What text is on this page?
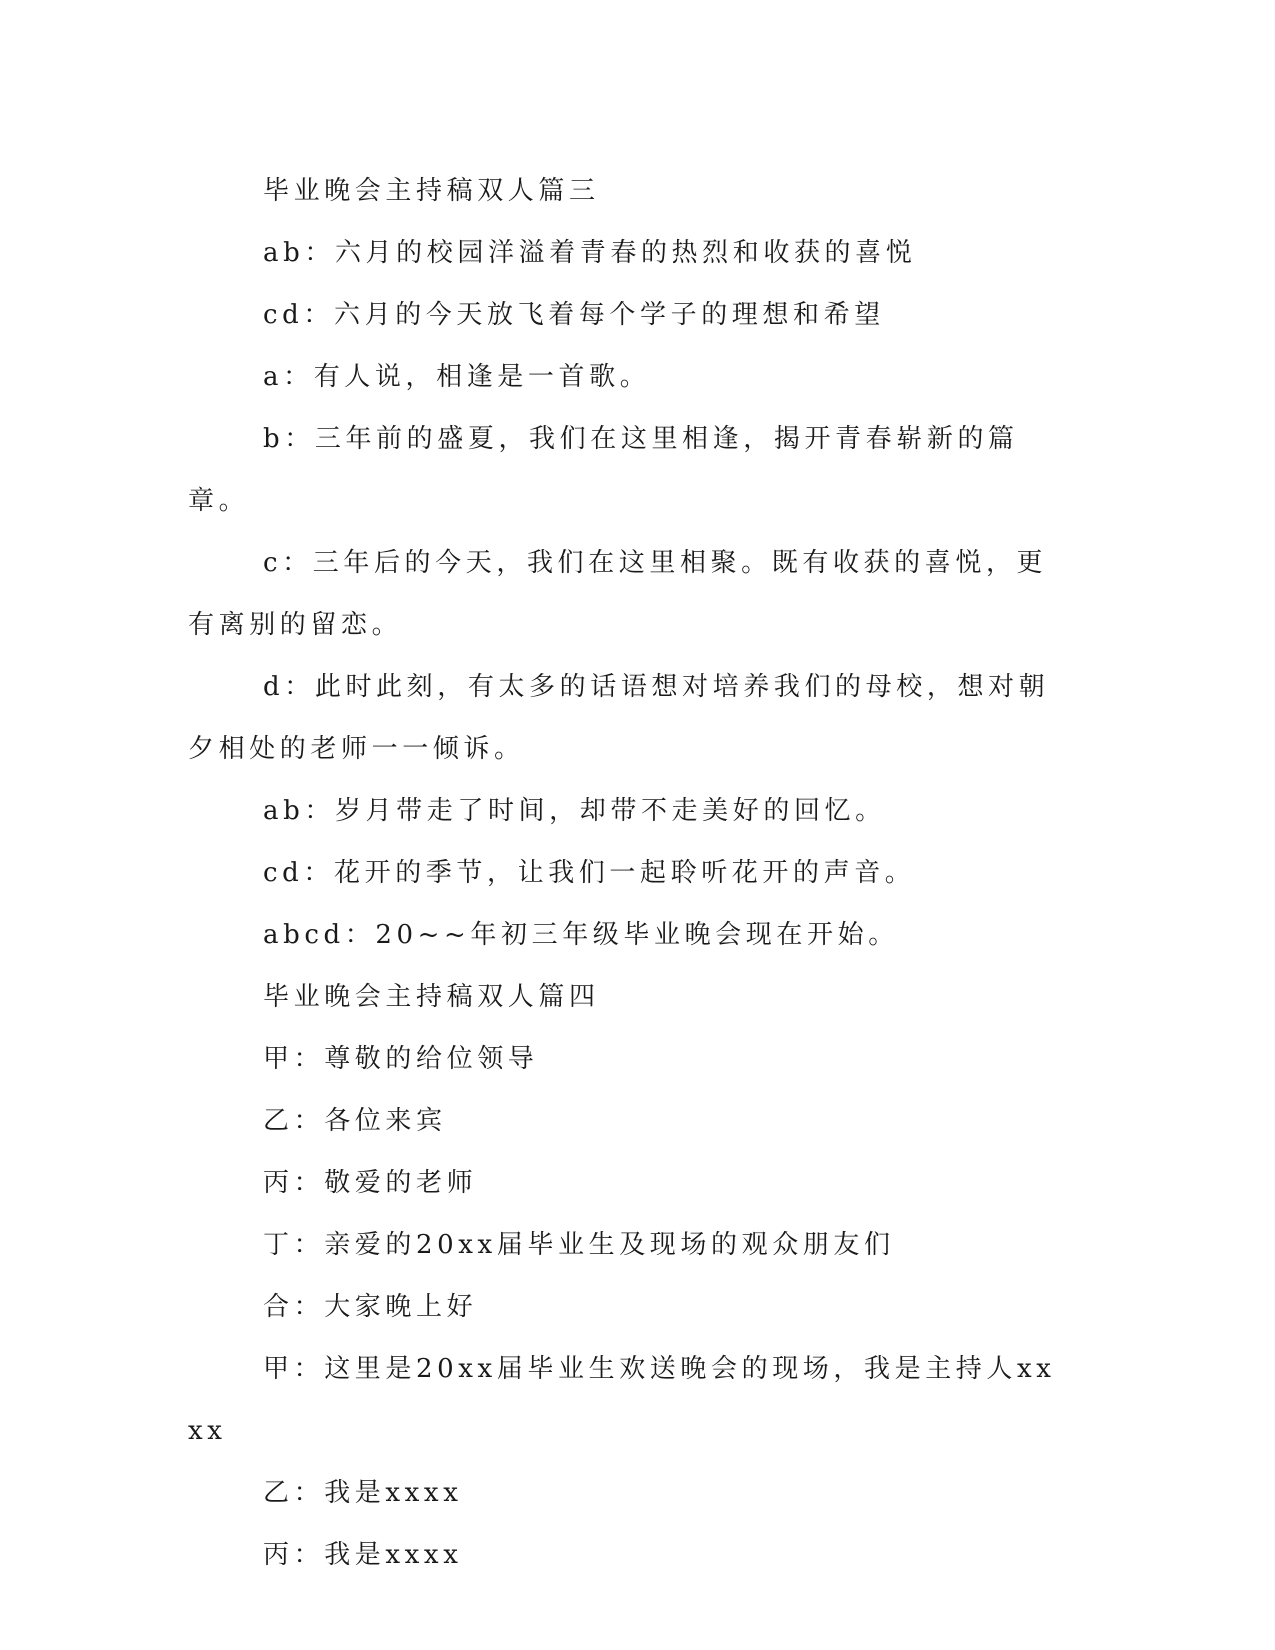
毕业晚会主持稿双人篇三

ab：六月的校园洋溢着青春的热烈和收获的喜悦

cd：六月的今天放飞着每个学子的理想和希望

a：有人说，相逢是一首歌。

b：三年前的盛夏，我们在这里相逢，揭开青春崭新的篇章。

c：三年后的今天，我们在这里相聚。既有收获的喜悦，更有离别的留恋。

d：此时此刻，有太多的话语想对培养我们的母校，想对朝夕相处的老师一一倾诉。

ab：岁月带走了时间，却带不走美好的回忆。

cd：花开的季节，让我们一起聆听花开的声音。

abcd：20~~年初三年级毕业晚会现在开始。

毕业晚会主持稿双人篇四

甲：尊敬的给位领导

乙：各位来宾

丙：敬爱的老师

丁：亲爱的20xx届毕业生及现场的观众朋友们

合：大家晚上好

甲：这里是20xx届毕业生欢送晚会的现场，我是主持人xxxx

乙：我是xxxx

丙：我是xxxx
